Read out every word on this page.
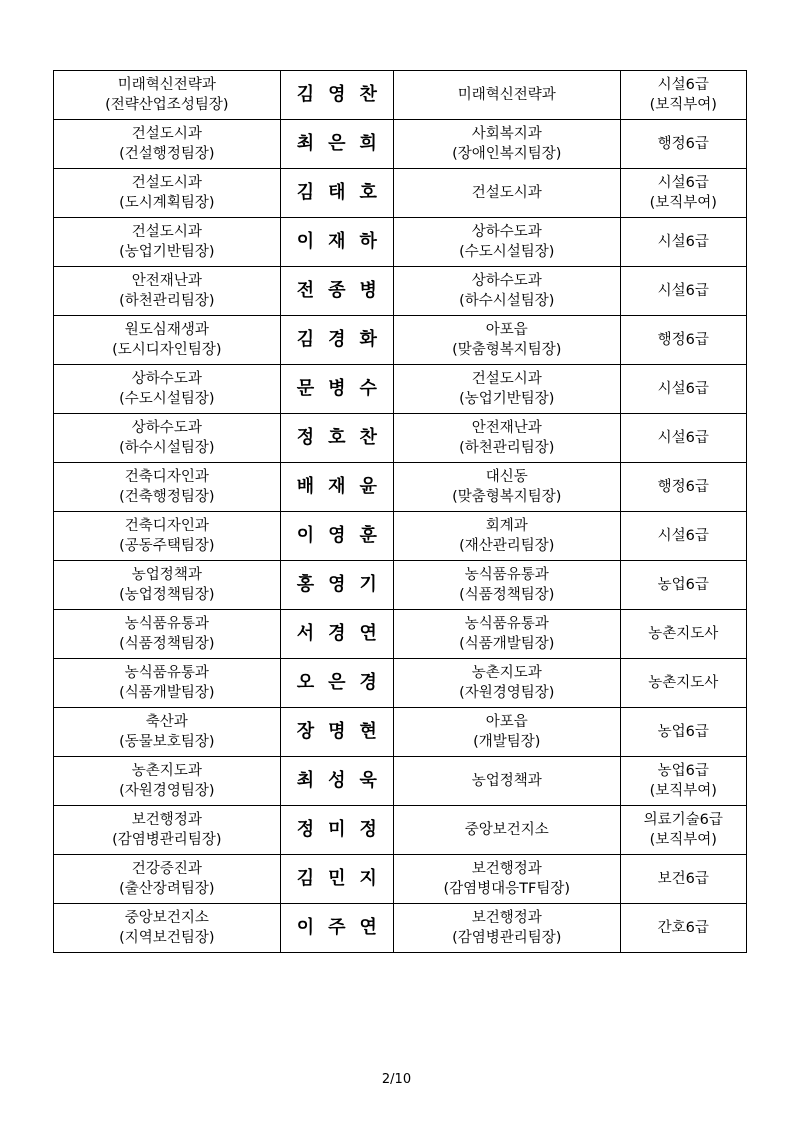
미래혁신전략과
(전략산업조성팀장)	김영찬	미래혁신전략과	시설6급
(보직부여)

건설도시과
(건설행정팀장)	최은희	사회복지과
(장애인복지팀장)	행정6급

건설도시과
(도시계획팀장)	김태호	건설도시과	시설6급
(보직부여)

건설도시과
(농업기반팀장)	이재하	상하수도과
(수도시설팀장)	시설6급

안전재난과
(하천관리팀장)	전종병	상하수도과
(하수시설팀장)	시설6급

원도심재생과
(도시디자인팀장)	김경화	아포읍
(맞춤형복지팀장)	행정6급

상하수도과
(수도시설팀장)	문병수	건설도시과
(농업기반팀장)	시설6급

상하수도과
(하수시설팀장)	정호찬	안전재난과
(하천관리팀장)	시설6급

건축디자인과
(건축행정팀장)	배재윤	대신동
(맞춤형복지팀장)	행정6급

건축디자인과
(공동주택팀장)	이영훈	회계과
(재산관리팀장)	시설6급

농업정책과
(농업정책팀장)	홍영기	농식품유통과
(식품정책팀장)	농업6급

농식품유통과
(식품정책팀장)	서경연	농식품유통과
(식품개발팀장)	농촌지도사

농식품유통과
(식품개발팀장)	오은경	농촌지도과
(자원경영팀장)	농촌지도사

축산과
(동물보호팀장)	장명현	아포읍
(개발팀장)	농업6급

농촌지도과
(자원경영팀장)	최성욱	농업정책과	농업6급
(보직부여)

보건행정과
(감염병관리팀장)	정미정	중앙보건지소	의료기술6급
(보직부여)

건강증진과
(출산장려팀장)	김민지	보건행정과
(감염병대응TF팀장)	보건6급

중앙보건지소
(지역보건팀장)	이주연	보건행정과
(감염병관리팀장)	간호6급
2/10
